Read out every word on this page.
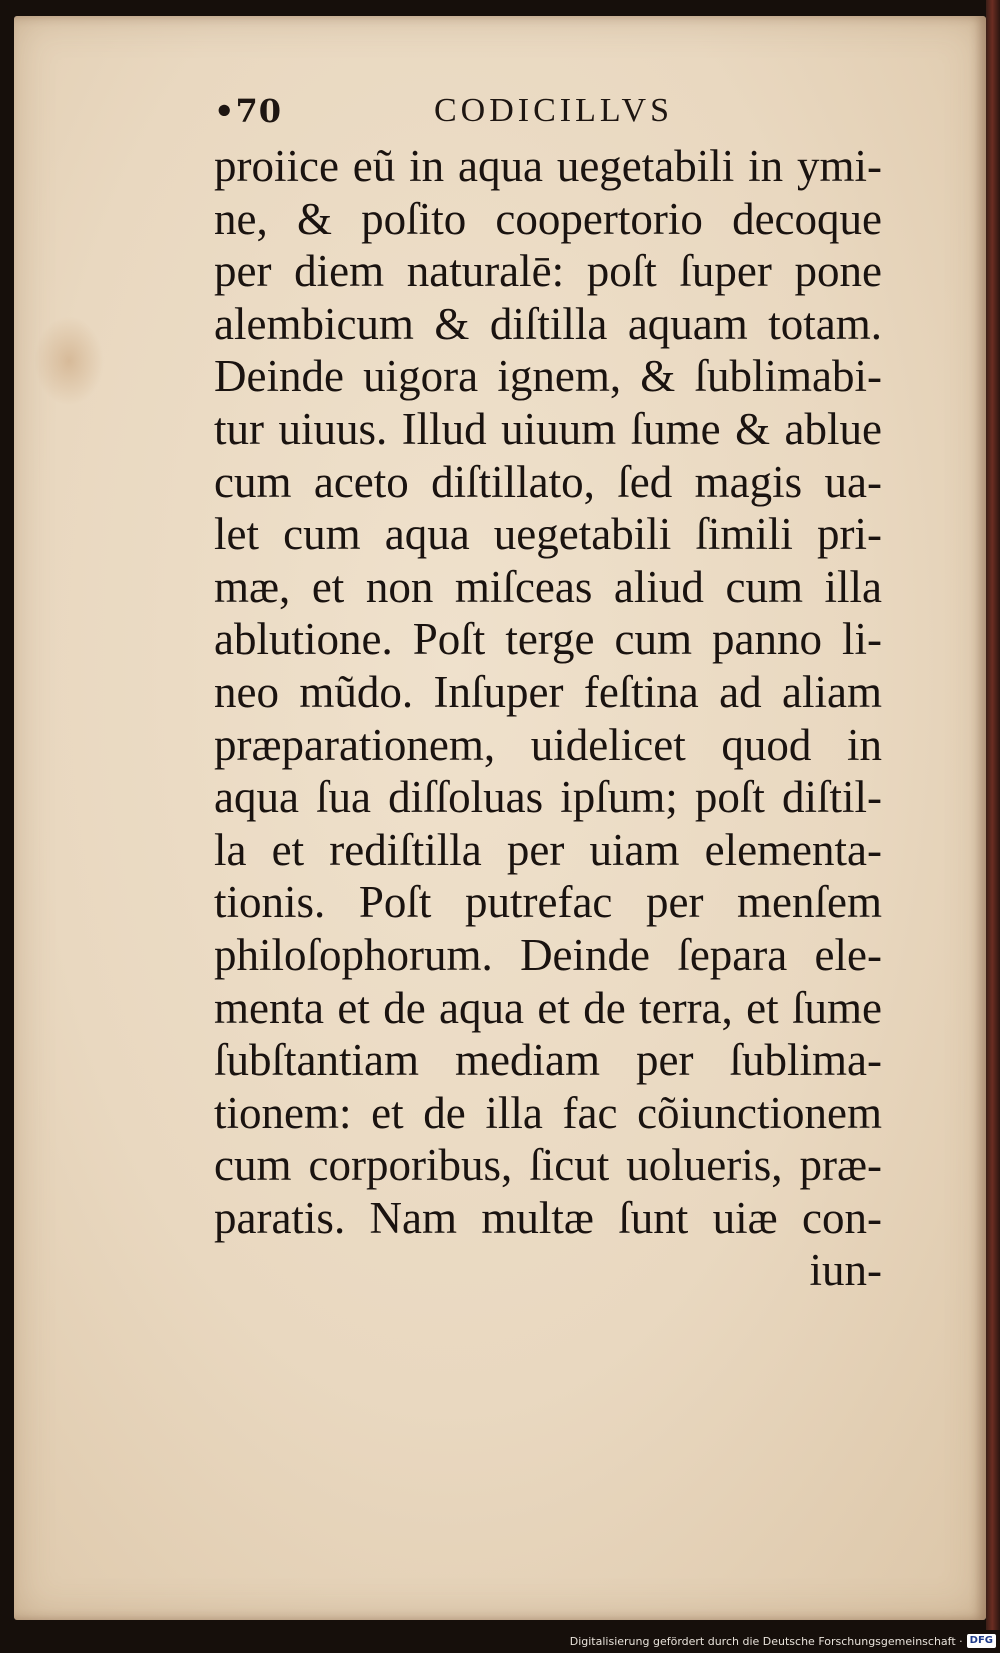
•70	CODICILLVS
proiice eũ in aqua uegetabili in ymi-
ne, & poſito coopertorio decoque
per diem naturalē: poſt ſuper pone
alembicum & diſtilla aquam totam.
Deinde uigora ignem, & ſublimabi-
tur uiuus. Illud uiuum ſume & ablue
cum aceto diſtillato, ſed magis ua-
let cum aqua uegetabili ſimili pri-
mæ, et non miſceas aliud cum illa
ablutione. Poſt terge cum panno li-
neo mũdo. Inſuper feſtina ad aliam
præparationem, uidelicet quod in
aqua ſua diſſoluas ipſum; poſt diſtil-
la et rediſtilla per uiam elementa-
tionis. Poſt putrefac per menſem
philoſophorum. Deinde ſepara ele-
menta et de aqua et de terra, et ſume
ſubſtantiam mediam per ſublima-
tionem: et de illa fac cõiunctionem
cum corporibus, ſicut uolueris, præ-
paratis. Nam multæ ſunt uiæ con-
iun-
Digitalisierung gefördert durch die Deutsche Forschungsgemeinschaft · DFG
